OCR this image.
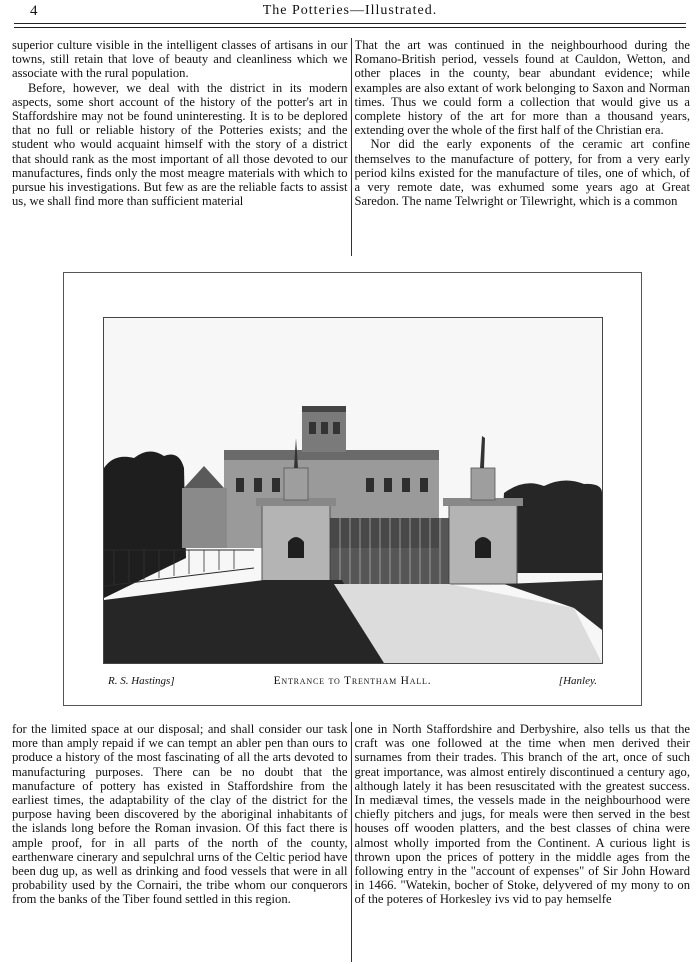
4	The Potteries—Illustrated.

superior culture visible in the intelligent classes of artisans in our towns, still retain that love of beauty and cleanliness which we associate with the rural population.

Before, however, we deal with the district in its modern aspects, some short account of the history of the potter's art in Staffordshire may not be found uninteresting. It is to be deplored that no full or reliable history of the Potteries exists; and the student who would acquaint himself with the story of a district that should rank as the most important of all those devoted to our manufactures, finds only the most meagre materials with which to pursue his investigations. But few as are the reliable facts to assist us, we shall find more than sufficient material

That the art was continued in the neighbourhood during the Romano-British period, vessels found at Cauldon, Wetton, and other places in the county, bear abundant evidence; while examples are also extant of work belonging to Saxon and Norman times. Thus we could form a collection that would give us a complete history of the art for more than a thousand years, extending over the whole of the first half of the Christian era.

Nor did the early exponents of the ceramic art confine themselves to the manufacture of pottery, for from a very early period kilns existed for the manufacture of tiles, one of which, of a very remote date, was exhumed some years ago at Great Saredon. The name Telwright or Tilewright, which is a common

R. S. Hastings]	Entrance to Trentham Hall.	[Hanley.

for the limited space at our disposal; and shall consider our task more than amply repaid if we can tempt an abler pen than ours to produce a history of the most fascinating of all the arts devoted to manufacturing purposes. There can be no doubt that the manufacture of pottery has existed in Staffordshire from the earliest times, the adaptability of the clay of the district for the purpose having been discovered by the aboriginal inhabitants of the islands long before the Roman invasion. Of this fact there is ample proof, for in all parts of the north of the county, earthenware cinerary and sepulchral urns of the Celtic period have been dug up, as well as drinking and food vessels that were in all probability used by the Cornairi, the tribe whom our conquerors from the banks of the Tiber found settled in this region.

one in North Staffordshire and Derbyshire, also tells us that the craft was one followed at the time when men derived their surnames from their trades. This branch of the art, once of such great importance, was almost entirely discontinued a century ago, although lately it has been resuscitated with the greatest success. In mediæval times, the vessels made in the neighbourhood were chiefly pitchers and jugs, for meals were then served in the best houses off wooden platters, and the best classes of china were almost wholly imported from the Continent. A curious light is thrown upon the prices of pottery in the middle ages from the following entry in the "account of expenses" of Sir John Howard in 1466. "Watekin, bocher of Stoke, delyvered of my mony to on of the poteres of Horkesley ivs vid to pay hemselfe
